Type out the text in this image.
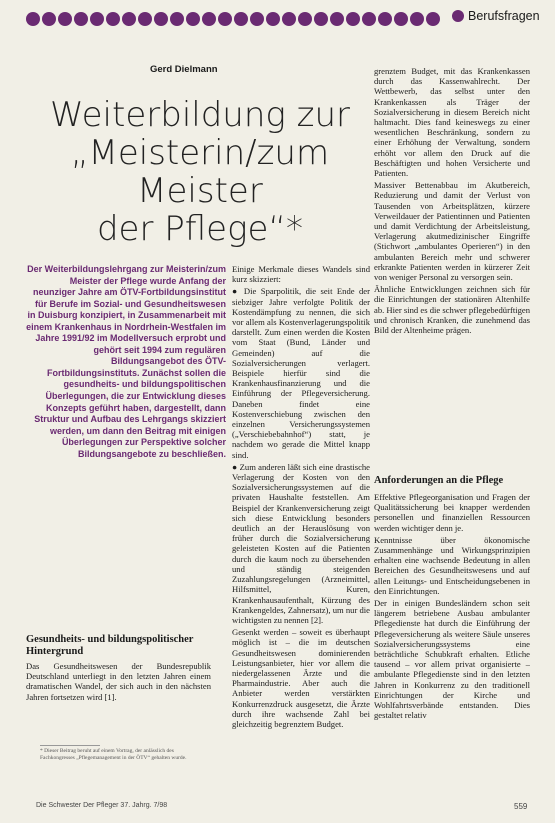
Berufsfragen
Gerd Dielmann
Weiterbildung zur
„Meisterin/zum Meister
der Pflege“*
Der Weiterbildungslehrgang zur Meisterin/zum Meister der Pflege wurde Anfang der neunziger Jahre am ÖTV-Fortbildungsinstitut für Berufe im Sozial- und Gesundheitswesen in Duisburg konzipiert, in Zusammenarbeit mit einem Krankenhaus in Nordrhein-Westfalen im Jahre 1991/92 im Modellversuch erprobt und gehört seit 1994 zum regulären Bildungsangebot des ÖTV-Fortbildungsinstituts. Zunächst sollen die gesundheits- und bildungspolitischen Überlegungen, die zur Entwicklung dieses Konzepts geführt haben, dargestellt, dann Struktur und Aufbau des Lehrgangs skizziert werden, um dann den Beitrag mit einigen Überlegungen zur Perspektive solcher Bildungsangebote zu beschließen.
Gesundheits- und bildungspolitischer Hintergrund

Das Gesundheitswesen der Bundesrepublik Deutschland unterliegt in den letzten Jahren einem dramatischen Wandel, der sich auch in den nächsten Jahren fortsetzen wird [1].

* Dieser Beitrag beruht auf einem Vortrag, der anlässlich des Fachkongresses „Pflegemanagement in der ÖTV“ gehalten wurde.

Einige Merkmale dieses Wandels sind kurz skizziert:

● Die Sparpolitik, die seit Ende der siebziger Jahre verfolgte Politik der Kostendämpfung zu nennen, die sich vor allem als Kostenverlagerungspolitik darstellt. Zum einen werden die Kosten vom Staat (Bund, Länder und Gemeinden) auf die Sozialversicherungen verlagert. Beispiele hierfür sind die Krankenhausfinanzierung und die Einführung der Pflegeversicherung. Daneben findet eine Kostenverschiebung zwischen den einzelnen Versicherungssystemen („Verschiebebahnhof“) statt, je nachdem wo gerade die Mittel knapp sind.

● Zum anderen läßt sich eine drastische Verlagerung der Kosten von den Sozialversicherungssystemen auf die privaten Haushalte feststellen. Am Beispiel der Krankenversicherung zeigt sich diese Entwicklung besonders deutlich an der Herauslösung von früher durch die Sozialversicherung geleisteten Kosten auf die Patienten durch die kaum noch zu übersehenden und ständig steigenden Zuzahlungsregelungen (Arzneimittel, Hilfsmittel, Kuren, Krankenhausaufenthalt, Kürzung des Krankengeldes, Zahnersatz), um nur die wichtigsten zu nennen [2].

Gesenkt werden – soweit es überhaupt möglich ist – die im deutschen Gesundheitswesen dominierenden Leistungsanbieter, hier vor allem die niedergelassenen Ärzte und die Pharmaindustrie. Aber auch die Anbieter werden verstärkten Konkurrenzdruck ausgesetzt, die Ärzte durch ihre wachsende Zahl bei gleichzeitig begrenztem Budget.

grenztem Budget, mit das Krankenkassen durch das Kassenwahlrecht. Der Wettbewerb, das selbst unter den Krankenkassen als Träger der Sozialversicherung in diesem Bereich nicht haltmacht. Dies fand keineswegs zu einer wesentlichen Beschränkung, sondern zu einer Erhöhung der Verwaltung, sondern erhöht vor allem den Druck auf die Beschäftigten und hohen Versicherte und Patienten.

Massiver Bettenabbau im Akutbereich, Reduzierung und damit der Verlust von Tausenden von Arbeitsplätzen, kürzere Verweildauer der Patientinnen und Patienten und damit Verdichtung der Arbeitsleistung, Verlagerung akutmedizinischer Eingriffe (Stichwort „ambulantes Operieren“) in den ambulanten Bereich mehr und schwerer erkrankte Patienten werden in kürzerer Zeit von weniger Personal zu versorgen sein.

Ähnliche Entwicklungen zeichnen sich für die Einrichtungen der stationären Altenhilfe ab. Hier sind es die schwer pflegebedürftigen und chronisch Kranken, die zunehmend das Bild der Altenheime prägen.

Anforderungen an die Pflege

Effektive Pflegeorganisation und Fragen der Qualitätssicherung bei knapper werdenden personellen und finanziellen Ressourcen werden wichtiger denn je.

Kenntnisse über ökonomische Zusammenhänge und Wirkungsprinzipien erhalten eine wachsende Bedeutung in allen Bereichen des Gesundheitswesens und auf allen Leitungs- und Entscheidungsebenen in den Einrichtungen.

Der in einigen Bundesländern schon seit längerem betriebene Ausbau ambulanter Pflegedienste hat durch die Einführung der Pflegeversicherung als weitere Säule unseres Sozialversicherungssystems eine beträchtliche Schubkraft erhalten. Etliche tausend – vor allem privat organisierte – ambulante Pflegedienste sind in den letzten Jahren in Konkurrenz zu den traditionell Einrichtungen der Kirche und Wohlfahrtsverbände entstanden. Dies gestaltet relativ

Die Schwester Der Pfleger 37. Jahrg. 7/98	559
